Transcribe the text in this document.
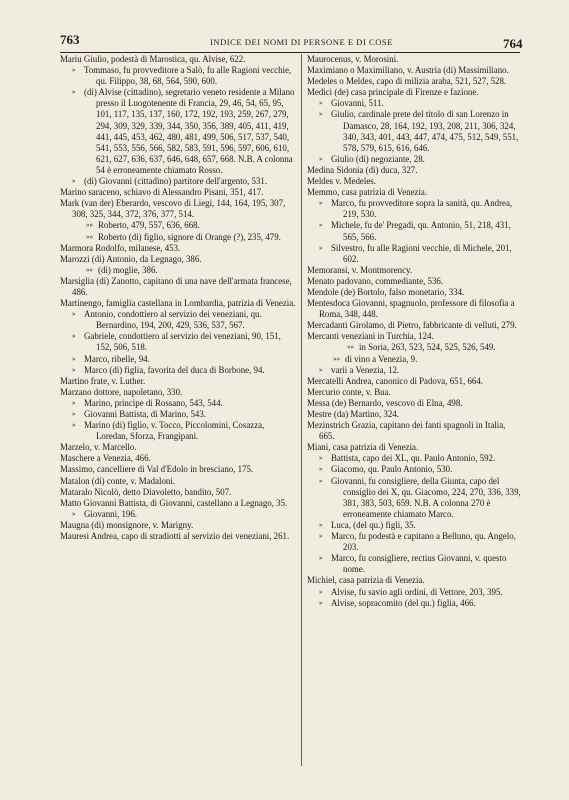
763	INDICE DEI NOMI DI PERSONE E DI COSE	764

Mariu Giulio, podestà di Marostica, qu. Alvise, 622.

» Tommaso, fu provveditore a Salò, fu alle Ragioni vecchie, qu. Filippo, 38, 68, 564, 590, 600.

» (di) Alvise (cittadino), segretario veneto residente a Milano presso il Luogotenente di Francia, 29, 46, 54, 65, 95, 101, 117, 135, 137, 160, 172, 192, 193, 259, 267, 279, 294, 309, 329, 339, 344, 350, 356, 389, 405, 411, 419, 441, 445, 453, 462, 480, 481, 499, 506, 517, 537, 540, 541, 553, 556, 566, 582, 583, 591, 596, 597, 606, 610, 621, 627, 636, 637, 646, 648, 657, 668. N.B. A colonna 54 è erroneamente chiamato Rosso.

» (di) Giovanni (cittadino) partitore dell'argento, 531.

Marino saraceno, schiavo di Alessandro Pisani, 351, 417.

Mark (van der) Eberardo, vescovo di Liegi, 144, 164, 195, 307, 308, 325, 344, 372, 376, 377, 514.

»» Roberto, 479, 557, 636, 668.

»» Roberto (di) figlio, signore di Orange (?), 235, 479.

Marmora Rodolfo, milanese, 453.

Marozzi (di) Antonio, da Legnago, 386.

»» (di) moglie, 386.

Marsiglia (di) Zanotto, capitano di una nave dell'armata francese, 486.

Martinengo, famiglia castellana in Lombardia, patrizia di Venezia.

» Antonio, condottiero al servizio dei veneziani, qu. Bernardino, 194, 200, 429, 536, 537, 567.

» Gabriele, condottiero al servizio dei veneziani, 90, 151, 152, 506, 518.

» Marco, ribelle, 94.

» Marco (di) figlia, favorita del duca di Borbone, 94.

Martino frate, v. Luther.

Marzano dottore, napoletano, 330.

» Marino, principe di Rossano, 543, 544.

» Giovanni Battista, di Marino, 543.

» Marino (di) figlio, v. Tocco, Piccolomini, Cosazza, Loredan, Sforza, Frangipani.

Marzelo, v. Marcello.

Maschere a Venezia, 466.

Massimo, cancelliere di Val d'Edolo in bresciano, 175.

Matalon (di) conte, v. Madaloni.

Mataralo Nicolò, detto Diavoletto, bandito, 507.

Matto Giovanni Battista, di Giovanni, castellano a Legnago, 35.

» Giovanni, 196.

Maugna (di) monsignore, v. Marigny.

Mauresi Andrea, capo di stradiotti al servizio dei veneziani, 261.

Maurocenus, v. Morosini.

Maximiano o Maximiliano, v. Austria (di) Massimiliano.

Medeles o Meldes, capo di milizia araba, 521, 527, 528.

Medici (de) casa principale di Firenze e fazione.

» Giovanni, 511.

» Giulio, cardinale prete del titolo di san Lorenzo in Damasco, 28, 164, 192, 193, 208, 211, 306, 324, 340, 343, 401, 443, 447, 474, 475, 512, 549, 551, 578, 579, 615, 616, 646.

» Giulio (di) negoziante, 28.

Medina Sidonia (di) duca, 327.

Meldes v. Medeles.

Memmo, casa patrizia di Venezia.

» Marco, fu provveditore sopra la sanità, qu. Andrea, 219, 530.

» Michele, fu de' Pregadi, qu. Antonio, 51, 218, 431, 565, 566.

» Silvestro, fu alle Ragioni vecchie, di Michele, 201, 602.

Memoransi, v. Montmorency.

Menato padovano, commediante, 536.

Mendole (de) Bortolo, falso monetario, 334.

Mentesdoca Giovanni, spagnuolo, professore di filosofia a Roma, 348, 448.

Mercadanti Girolamo, di Pietro, fabbricante di velluti, 279.

Mercanti veneziani in Turchia, 124.

»» in Soria, 263, 523, 524, 525, 526, 549.

»» di vino a Venezia, 9.

» varii a Venezia, 12.

Mercatelli Andrea, canonico di Padova, 651, 664.

Mercurio conte, v. Bua.

Messa (de) Bernardo, vescovo di Elna, 498.

Mestre (da) Martino, 324.

Mezinstrich Grazia, capitano dei fanti spagnoli in Italia, 665.

Miani, casa patrizia di Venezia.

» Battista, capo dei XL, qu. Paulo Antonio, 592.

» Giacomo, qu. Paulo Antonio, 530.

» Giovanni, fu consigliere, della Giunta, capo del consiglio dei X, qu. Giacomo, 224, 270, 336, 339, 381, 383, 503, 659. N.B. A colonna 270 è erroneamente chiamato Marco.

» Luca, (del qu.) figli, 35.

» Marco, fu podestà e capitano a Belluno, qu. Angelo, 203.

» Marco, fu consigliere, rectius Giovanni, v. questo nome.

Michiel, casa patrizia di Venezia.

» Alvise, fu savio agli ordini, di Vettore, 203, 395.

» Alvise, sopracomito (del qu.) figlia, 466.
